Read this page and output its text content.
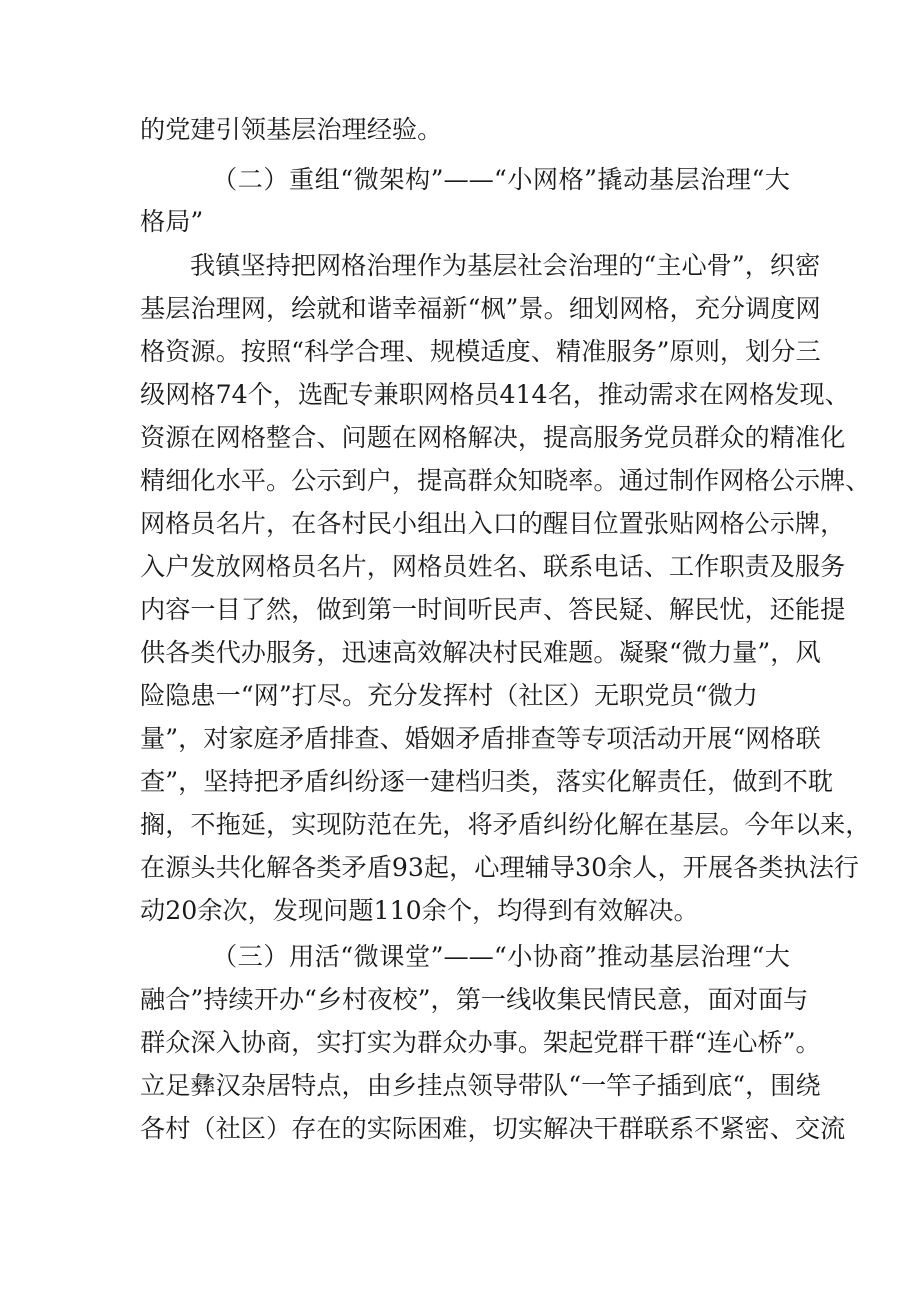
的党建引领基层治理经验。
（二）重组“微架构”——“小网格”撬动基层治理“大
格局”
我镇坚持把网格治理作为基层社会治理的“主心骨”，织密
基层治理网，绘就和谐幸福新“枫”景。细划网格，充分调度网
格资源。按照“科学合理、规模适度、精准服务”原则，划分三
级网格74个，选配专兼职网格员414名，推动需求在网格发现、
资源在网格整合、问题在网格解决，提高服务党员群众的精准化
精细化水平。公示到户，提高群众知晓率。通过制作网格公示牌、
网格员名片，在各村民小组出入口的醒目位置张贴网格公示牌，
入户发放网格员名片，网格员姓名、联系电话、工作职责及服务
内容一目了然，做到第一时间听民声、答民疑、解民忧，还能提
供各类代办服务，迅速高效解决村民难题。凝聚“微力量”，风
险隐患一“网”打尽。充分发挥村（社区）无职党员“微力
量”，对家庭矛盾排查、婚姻矛盾排查等专项活动开展“网格联
查”，坚持把矛盾纠纷逐一建档归类，落实化解责任，做到不耽
搁，不拖延，实现防范在先，将矛盾纠纷化解在基层。今年以来，
在源头共化解各类矛盾93起，心理辅导30余人，开展各类执法行
动20余次，发现问题110余个，均得到有效解决。
（三）用活“微课堂”——“小协商”推动基层治理“大
融合”持续开办“乡村夜校”，第一线收集民情民意，面对面与
群众深入协商，实打实为群众办事。架起党群干群“连心桥”。
立足彝汉杂居特点，由乡挂点领导带队“一竿子插到底“，围绕
各村（社区）存在的实际困难，切实解决干群联系不紧密、交流
